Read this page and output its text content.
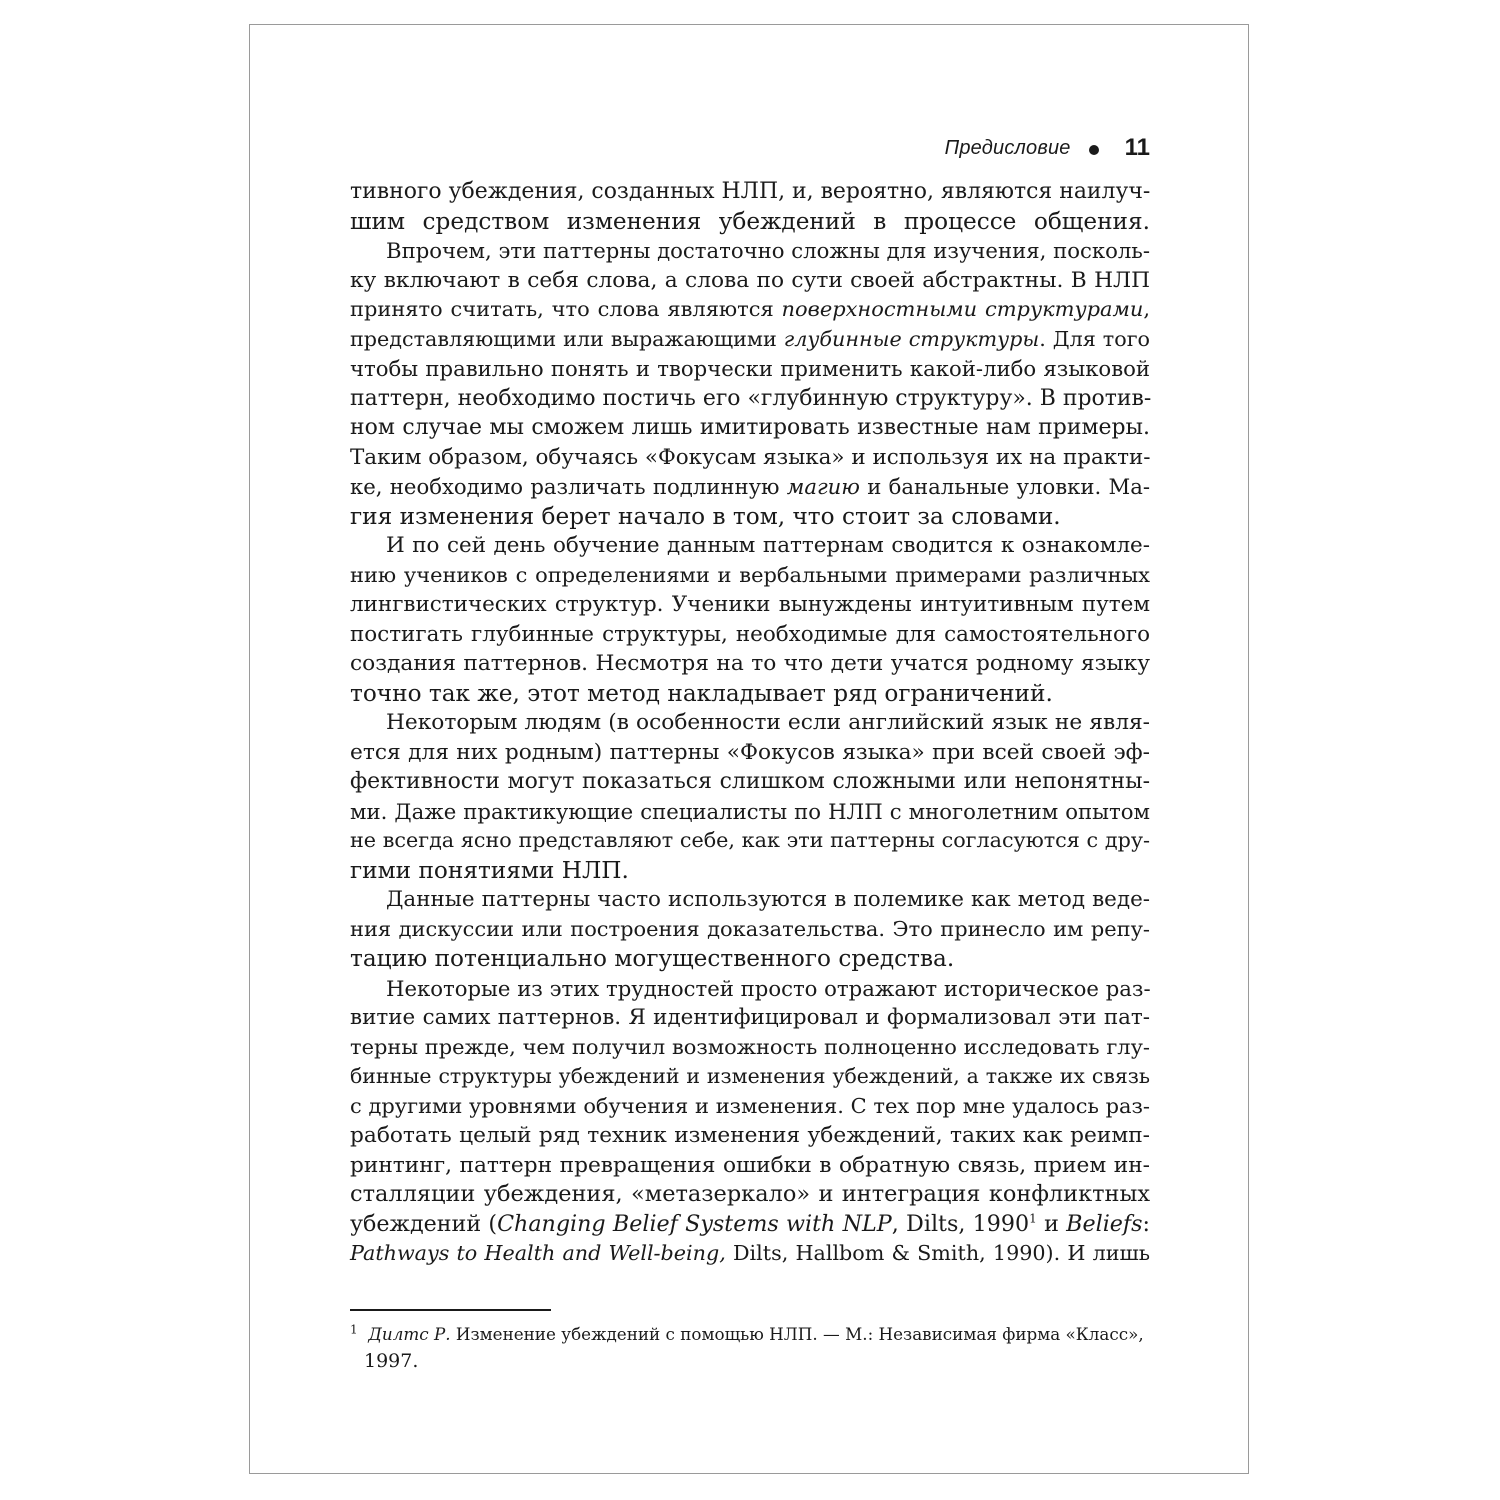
Предисловие 11
тивного убеждения, созданных НЛП, и, вероятно, являются наилуч-
шим средством изменения убеждений в процессе общения.
Впрочем, эти паттерны достаточно сложны для изучения, посколь-
ку включают в себя слова, а слова по сути своей абстрактны. В НЛП
принято считать, что слова являются поверхностными структурами,
представляющими или выражающими глубинные структуры. Для того
чтобы правильно понять и творчески применить какой-либо языковой
паттерн, необходимо постичь его «глубинную структуру». В против-
ном случае мы сможем лишь имитировать известные нам примеры.
Таким образом, обучаясь «Фокусам языка» и используя их на практи-
ке, необходимо различать подлинную магию и банальные уловки. Ма-
гия изменения берет начало в том, что стоит за словами.
И по сей день обучение данным паттернам сводится к ознакомле-
нию учеников с определениями и вербальными примерами различных
лингвистических структур. Ученики вынуждены интуитивным путем
постигать глубинные структуры, необходимые для самостоятельного
создания паттернов. Несмотря на то что дети учатся родному языку
точно так же, этот метод накладывает ряд ограничений.
Некоторым людям (в особенности если английский язык не явля-
ется для них родным) паттерны «Фокусов языка» при всей своей эф-
фективности могут показаться слишком сложными или непонятны-
ми. Даже практикующие специалисты по НЛП с многолетним опытом
не всегда ясно представляют себе, как эти паттерны согласуются с дру-
гими понятиями НЛП.
Данные паттерны часто используются в полемике как метод веде-
ния дискуссии или построения доказательства. Это принесло им репу-
тацию потенциально могущественного средства.
Некоторые из этих трудностей просто отражают историческое раз-
витие самих паттернов. Я идентифицировал и формализовал эти пат-
терны прежде, чем получил возможность полноценно исследовать глу-
бинные структуры убеждений и изменения убеждений, а также их связь
с другими уровнями обучения и изменения. С тех пор мне удалось раз-
работать целый ряд техник изменения убеждений, таких как реимп-
ринтинг, паттерн превращения ошибки в обратную связь, прием ин-
сталляции убеждения, «метазеркало» и интеграция конфликтных
убеждений (Changing Belief Systems with NLP, Dilts, 1990$^1$ и Beliefs:
Pathways to Health and Well-being, Dilts, Hallbom & Smith, 1990). И лишь
$^1$ Дилтс Р. Изменение убеждений с помощью НЛП. — М.: Независимая фирма «Класс»,
1997.
